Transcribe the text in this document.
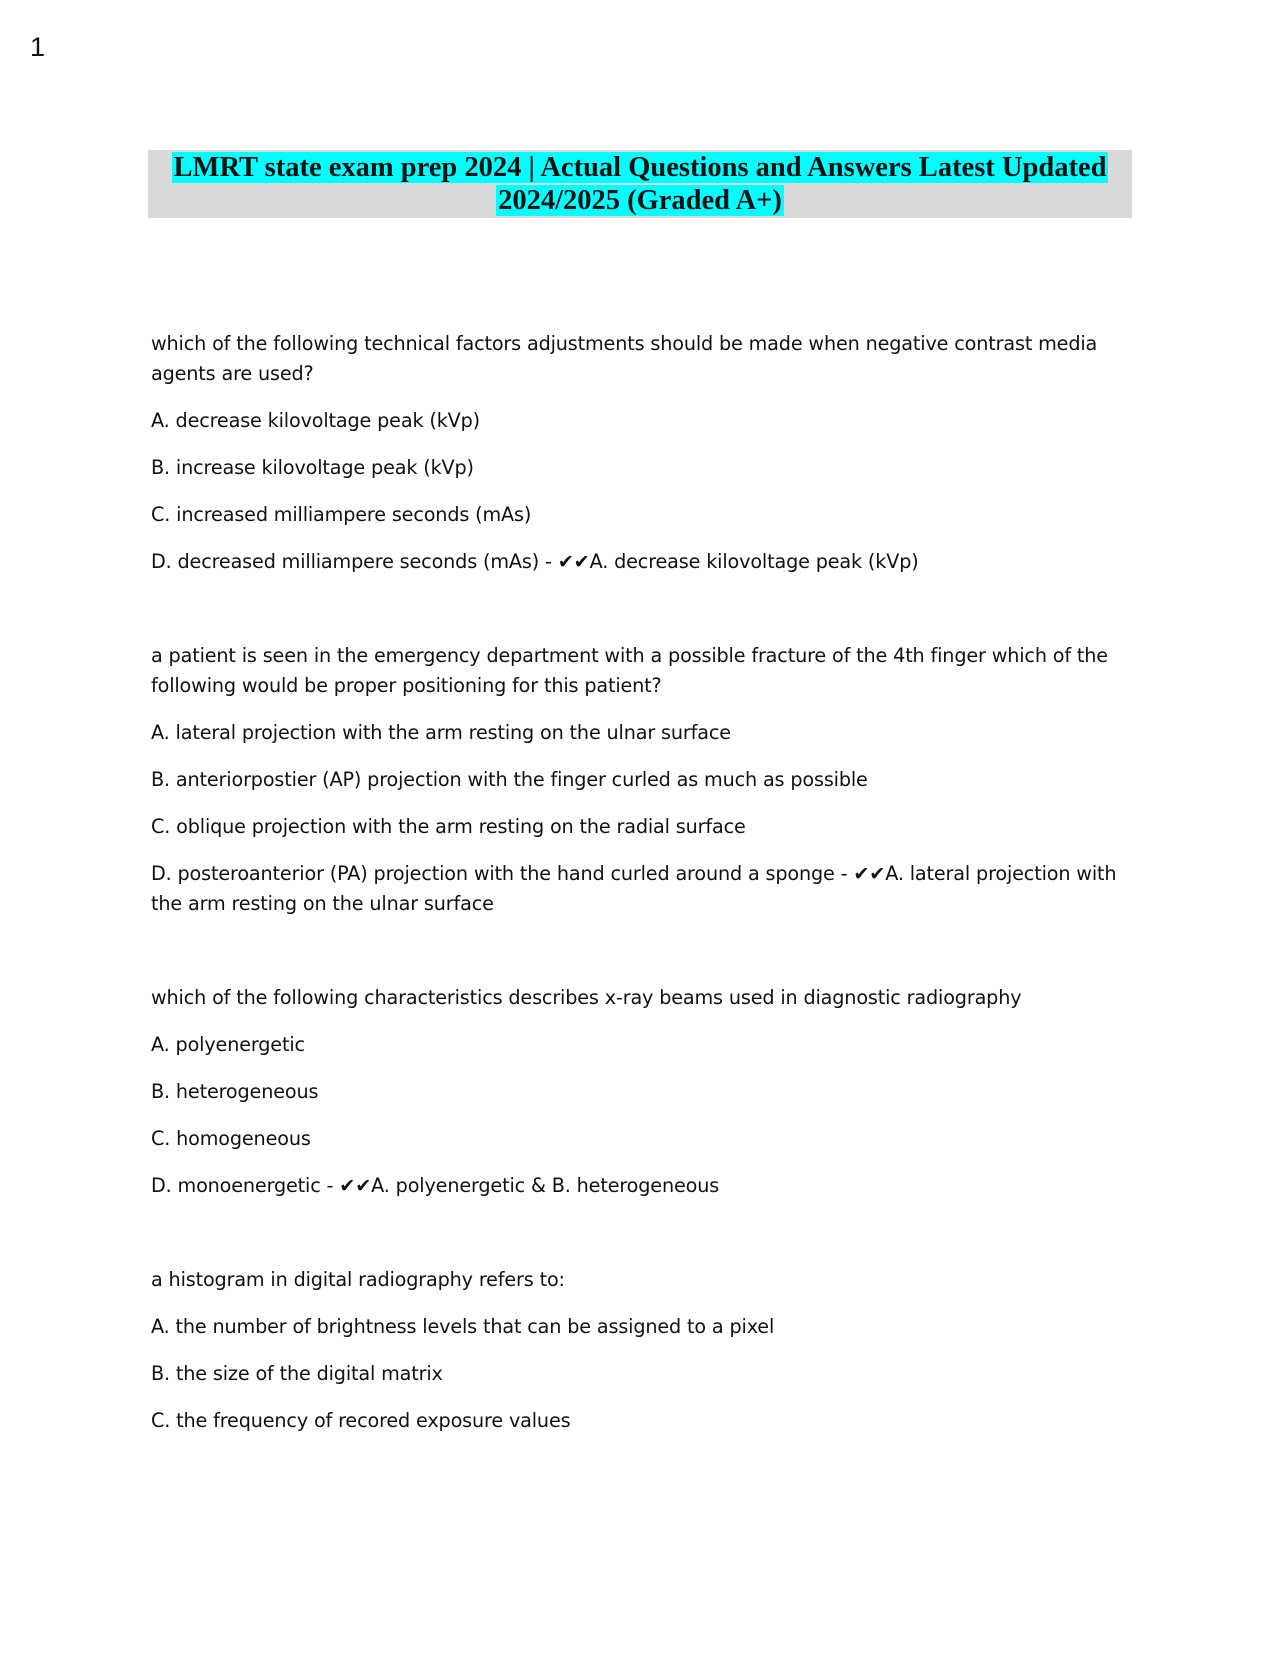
1
LMRT state exam prep 2024 | Actual Questions and Answers Latest Updated
2024/2025 (Graded A+)

which of the following technical factors adjustments should be made when negative contrast media agents are used?

A. decrease kilovoltage peak (kVp)

B. increase kilovoltage peak (kVp)

C. increased milliampere seconds (mAs)

D. decreased milliampere seconds (mAs) - ✔✔A. decrease kilovoltage peak (kVp)

a patient is seen in the emergency department with a possible fracture of the 4th finger which of the following would be proper positioning for this patient?

A. lateral projection with the arm resting on the ulnar surface

B. anteriorpostier (AP) projection with the finger curled as much as possible

C. oblique projection with the arm resting on the radial surface

D. posteroanterior (PA) projection with the hand curled around a sponge - ✔✔A. lateral projection with the arm resting on the ulnar surface

which of the following characteristics describes x-ray beams used in diagnostic radiography

A. polyenergetic

B. heterogeneous

C. homogeneous

D. monoenergetic - ✔✔A. polyenergetic & B. heterogeneous

a histogram in digital radiography refers to:

A. the number of brightness levels that can be assigned to a pixel

B. the size of the digital matrix

C. the frequency of recored exposure values
